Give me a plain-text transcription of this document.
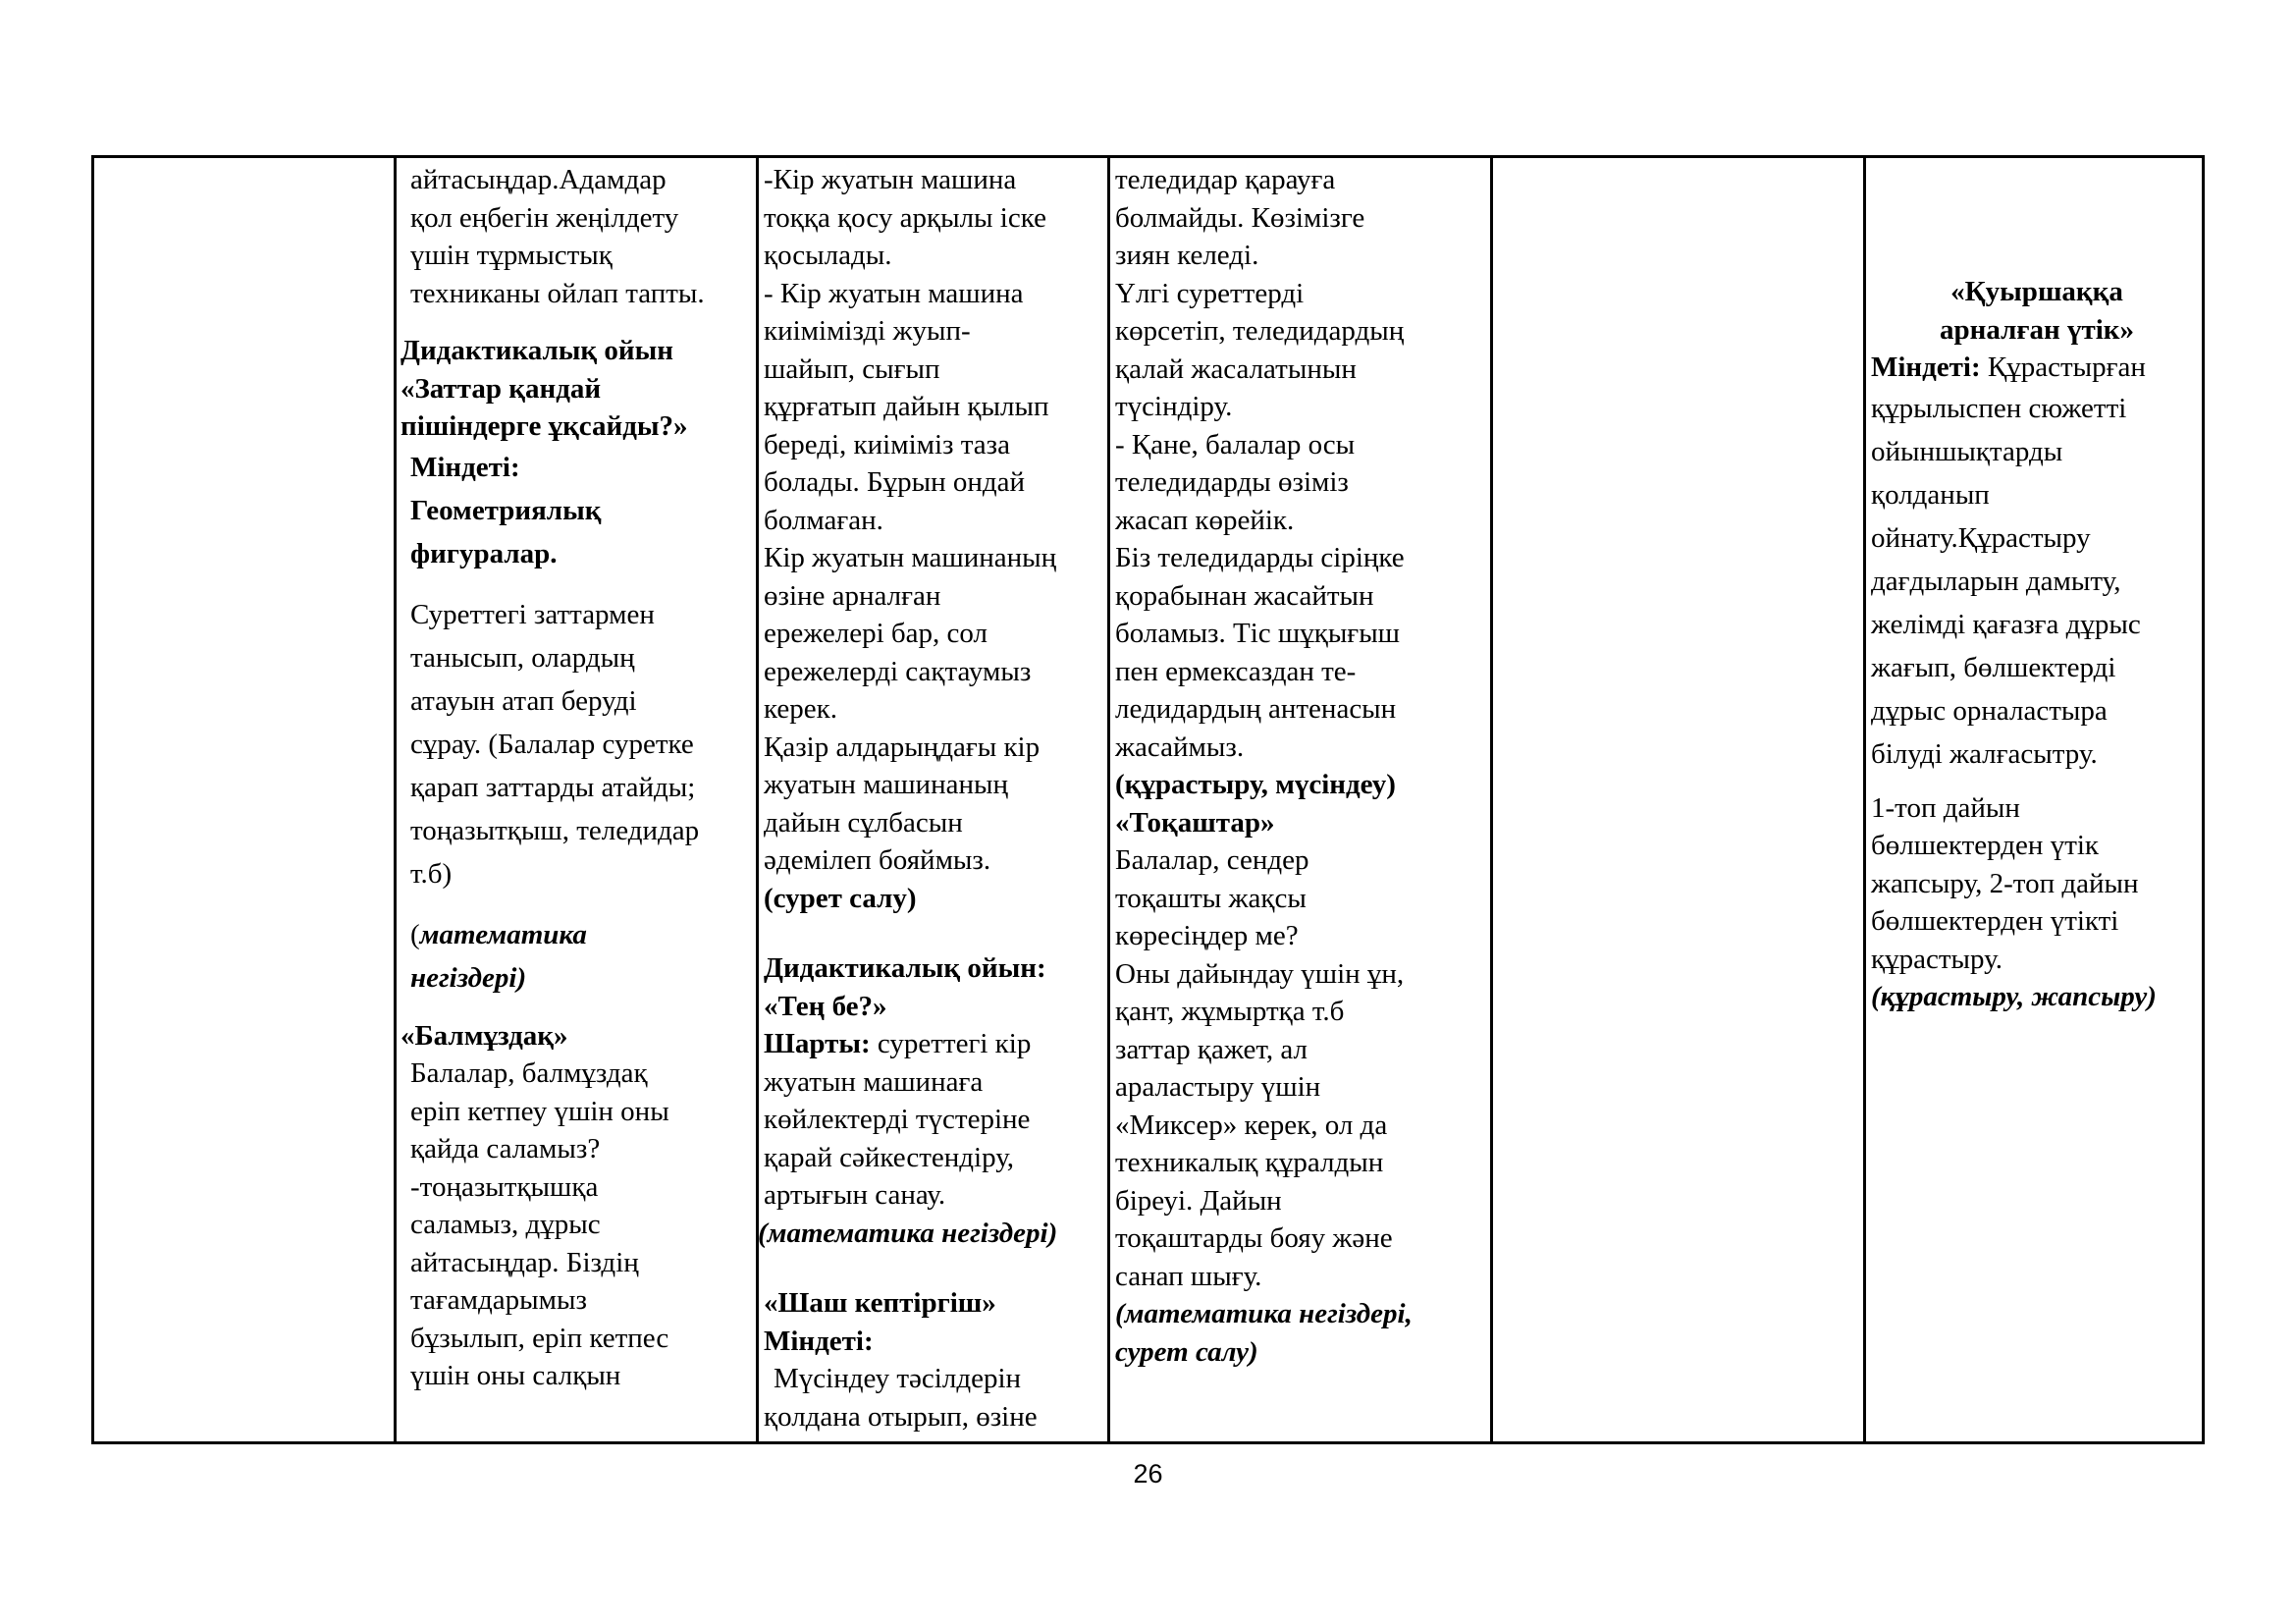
айтасыңдар.Адамдар

қол еңбегін жеңілдету

үшін тұрмыстық

техниканы ойлап тапты.

Дидактикалық ойын

«Заттар қандай

пішіндерге ұқсайды?»

Міндеті:

Геометриялық

фигуралар.

Суреттегі заттармен

танысып, олардың

атауын атап беруді

сұрау. (Балалар суретке

қарап заттарды атайды;

тоңазытқыш, теледидар

т.б)

(математика

негіздері)

«Балмұздақ»

Балалар, балмұздақ

еріп кетпеу үшін оны

қайда саламыз?

-тоңазытқышқа

саламыз, дұрыс

айтасыңдар. Біздің

тағамдарымыз

бұзылып, еріп кетпес

үшін оны салқын

-Кір жуатын машина

тоққа қосу арқылы іске

қосылады.

- Кір жуатын машина

киімімізді жуып-

шайып, сығып

құрғатып дайын қылып

береді, киіміміз таза

болады. Бұрын ондай

болмаған.

Кір жуатын машинаның

өзіне арналған

ережелері бар, сол

ережелерді сақтаумыз

керек.

Қазір алдарыңдағы кір

жуатын машинаның

дайын сұлбасын

әдемілеп бояймыз.

(сурет салу)

Дидактикалық ойын:

«Тең бе?»

Шарты: суреттегі кір

жуатын машинаға

көйлектерді түстеріне

қарай сәйкестендіру,

артығын санау.

(математика негіздері)

«Шаш кептіргіш»

Міндеті:

Мүсіндеу тәсілдерін

қолдана отырып, өзіне

теледидар қарауға

болмайды. Көзімізге

зиян келеді.

Үлгі суреттерді

көрсетіп, теледидардың

қалай жасалатынын

түсіндіру.

- Қане, балалар осы

теледидарды өзіміз

жасап көрейік.

Біз теледидарды сіріңке

қорабынан жасайтын

боламыз. Тіс шұқығыш

пен ермексаздан те-

ледидардың антенасын

жасаймыз.

(құрастыру, мүсіндеу)

«Тоқаштар»

Балалар, сендер

тоқашты жақсы

көресіңдер ме?

Оны дайындау үшін ұн,

қант, жұмыртқа т.б

заттар қажет, ал

араластыру үшін

«Миксер» керек, ол да

техникалық құралдын

біреуі. Дайын

тоқаштарды бояу және

санап шығу.

(математика негіздері,

сурет салу)

«Қуыршаққа

арналған үтік»

Міндеті: Құрастырған

құрылыспен сюжетті

ойыншықтарды

қолданып

ойнату.Құрастыру

дағдыларын дамыту,

желімді қағазға дұрыс

жағып, бөлшектерді

дұрыс орналастыра

білуді жалғасытру.

1-топ дайын

бөлшектерден үтік

жапсыру, 2-топ дайын

бөлшектерден үтікті

құрастыру.

(құрастыру, жапсыру)

26
